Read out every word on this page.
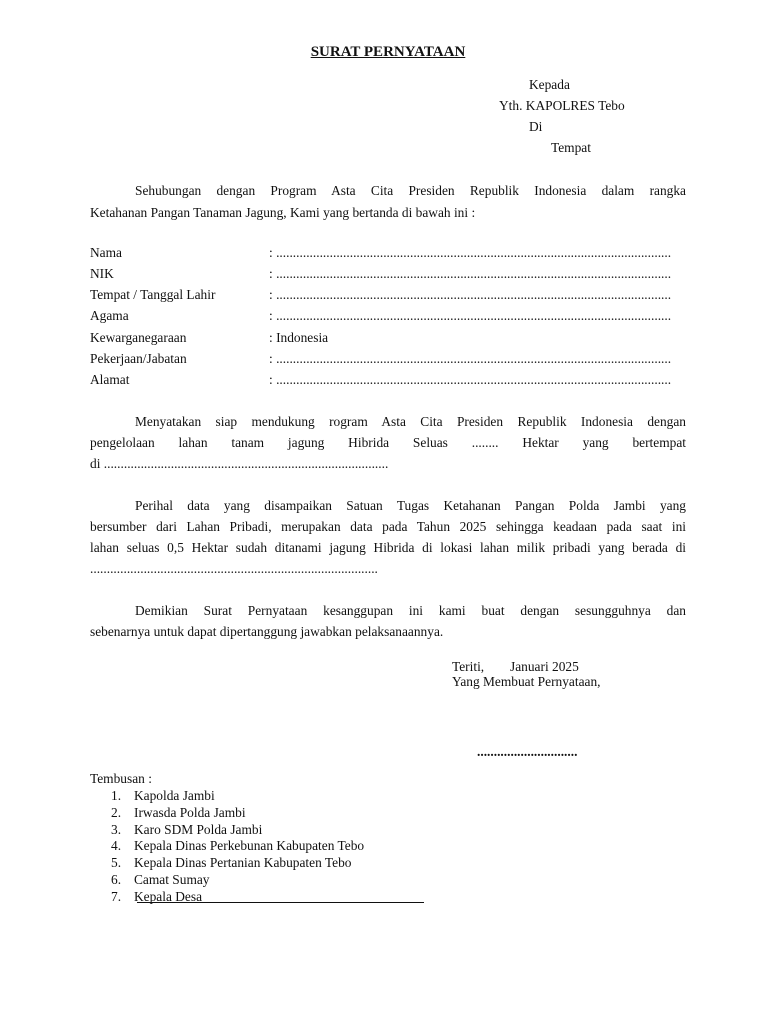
SURAT PERNYATAAN
Kepada
Yth. KAPOLRES Tebo
Di
Tempat
Sehubungan dengan Program Asta Cita Presiden Republik Indonesia dalam rangka
Ketahanan Pangan Tanaman Jagung, Kami yang bertanda di bawah ini :
Nama	: ......................................................................................................................
NIK	: ......................................................................................................................
Tempat / Tanggal Lahir	: ......................................................................................................................
Agama	: ......................................................................................................................
Kewarganegaraan	: Indonesia
Pekerjaan/Jabatan	: ......................................................................................................................
Alamat	: ......................................................................................................................
Menyatakan siap mendukung rogram Asta Cita Presiden Republik Indonesia dengan
pengelolaan lahan tanam jagung Hibrida Seluas ........ Hektar yang bertempat
di .....................................................................................
Perihal data yang disampaikan Satuan Tugas Ketahanan Pangan Polda Jambi yang
bersumber dari Lahan Pribadi, merupakan data pada Tahun 2025 sehingga keadaan pada saat ini
lahan seluas 0,5 Hektar sudah ditanami jagung Hibrida di lokasi lahan milik pribadi yang berada di
......................................................................................
Demikian Surat Pernyataan kesanggupan ini kami buat dengan sesungguhnya dan
sebenarnya untuk dapat dipertanggung jawabkan pelaksanaannya.
Teriti, Januari 2025
Yang Membuat Pernyataan,
..............................
Tembusan :
1. Kapolda Jambi
2. Irwasda Polda Jambi
3. Karo SDM Polda Jambi
4. Kepala Dinas Perkebunan Kabupaten Tebo
5. Kepala Dinas Pertanian Kabupaten Tebo
6. Camat Sumay
7. Kepala Desa
